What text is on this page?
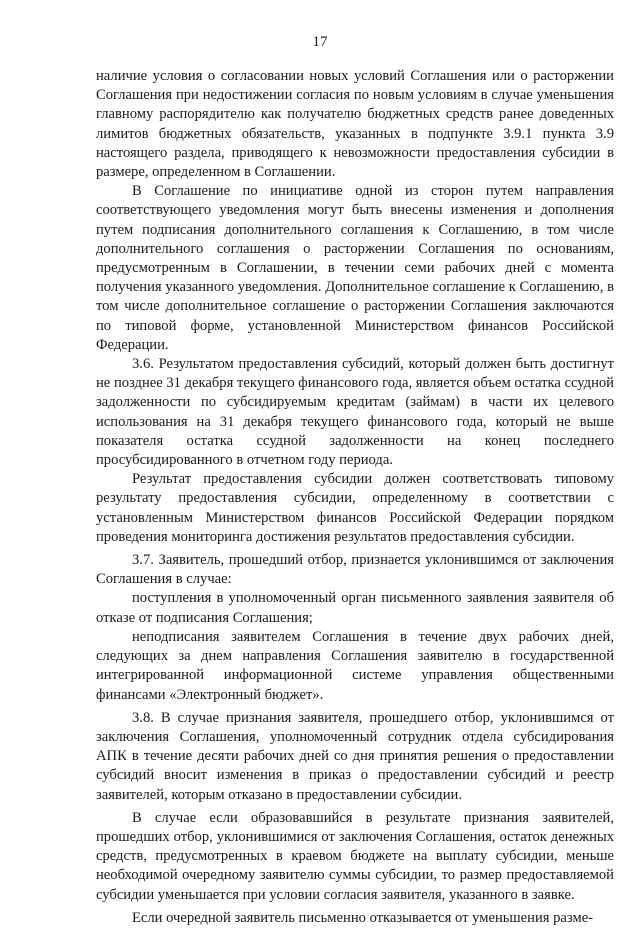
17

наличие условия о согласовании новых условий Соглашения или о расторжении Соглашения при недостижении согласия по новым условиям в случае уменьшения главному распорядителю как получателю бюджетных средств ранее доведенных лимитов бюджетных обязательств, указанных в подпункте 3.9.1 пункта 3.9 настоящего раздела, приводящего к невозможности предоставления субсидии в размере, определенном в Соглашении.

В Соглашение по инициативе одной из сторон путем направления соответствующего уведомления могут быть внесены изменения и дополнения путем подписания дополнительного соглашения к Соглашению, в том числе дополнительного соглашения о расторжении Соглашения по основаниям, предусмотренным в Соглашении, в течении семи рабочих дней с момента получения указанного уведомления. Дополнительное соглашение к Соглашению, в том числе дополнительное соглашение о расторжении Соглашения заключаются по типовой форме, установленной Министерством финансов Российской Федерации.

3.6. Результатом предоставления субсидий, который должен быть достигнут не позднее 31 декабря текущего финансового года, является объем остатка ссудной задолженности по субсидируемым кредитам (займам) в части их целевого использования на 31 декабря текущего финансового года, который не выше показателя остатка ссудной задолженности на конец последнего просубсидированного в отчетном году периода.

Результат предоставления субсидии должен соответствовать типовому результату предоставления субсидии, определенному в соответствии с установленным Министерством финансов Российской Федерации порядком проведения мониторинга достижения результатов предоставления субсидии.

3.7. Заявитель, прошедший отбор, признается уклонившимся от заключения Соглашения в случае:

поступления в уполномоченный орган письменного заявления заявителя об отказе от подписания Соглашения;

неподписания заявителем Соглашения в течение двух рабочих дней, следующих за днем направления Соглашения заявителю в государственной интегрированной информационной системе управления общественными финансами «Электронный бюджет».

3.8. В случае признания заявителя, прошедшего отбор, уклонившимся от заключения Соглашения, уполномоченный сотрудник отдела субсидирования АПК в течение десяти рабочих дней со дня принятия решения о предоставлении субсидий вносит изменения в приказ о предоставлении субсидий и реестр заявителей, которым отказано в предоставлении субсидии.

В случае если образовавшийся в результате признания заявителей, прошедших отбор, уклонившимися от заключения Соглашения, остаток денежных средств, предусмотренных в краевом бюджете на выплату субсидии, меньше необходимой очередному заявителю суммы субсидии, то размер предоставляемой субсидии уменьшается при условии согласия заявителя, указанного в заявке.

Если очередной заявитель письменно отказывается от уменьшения разме-
